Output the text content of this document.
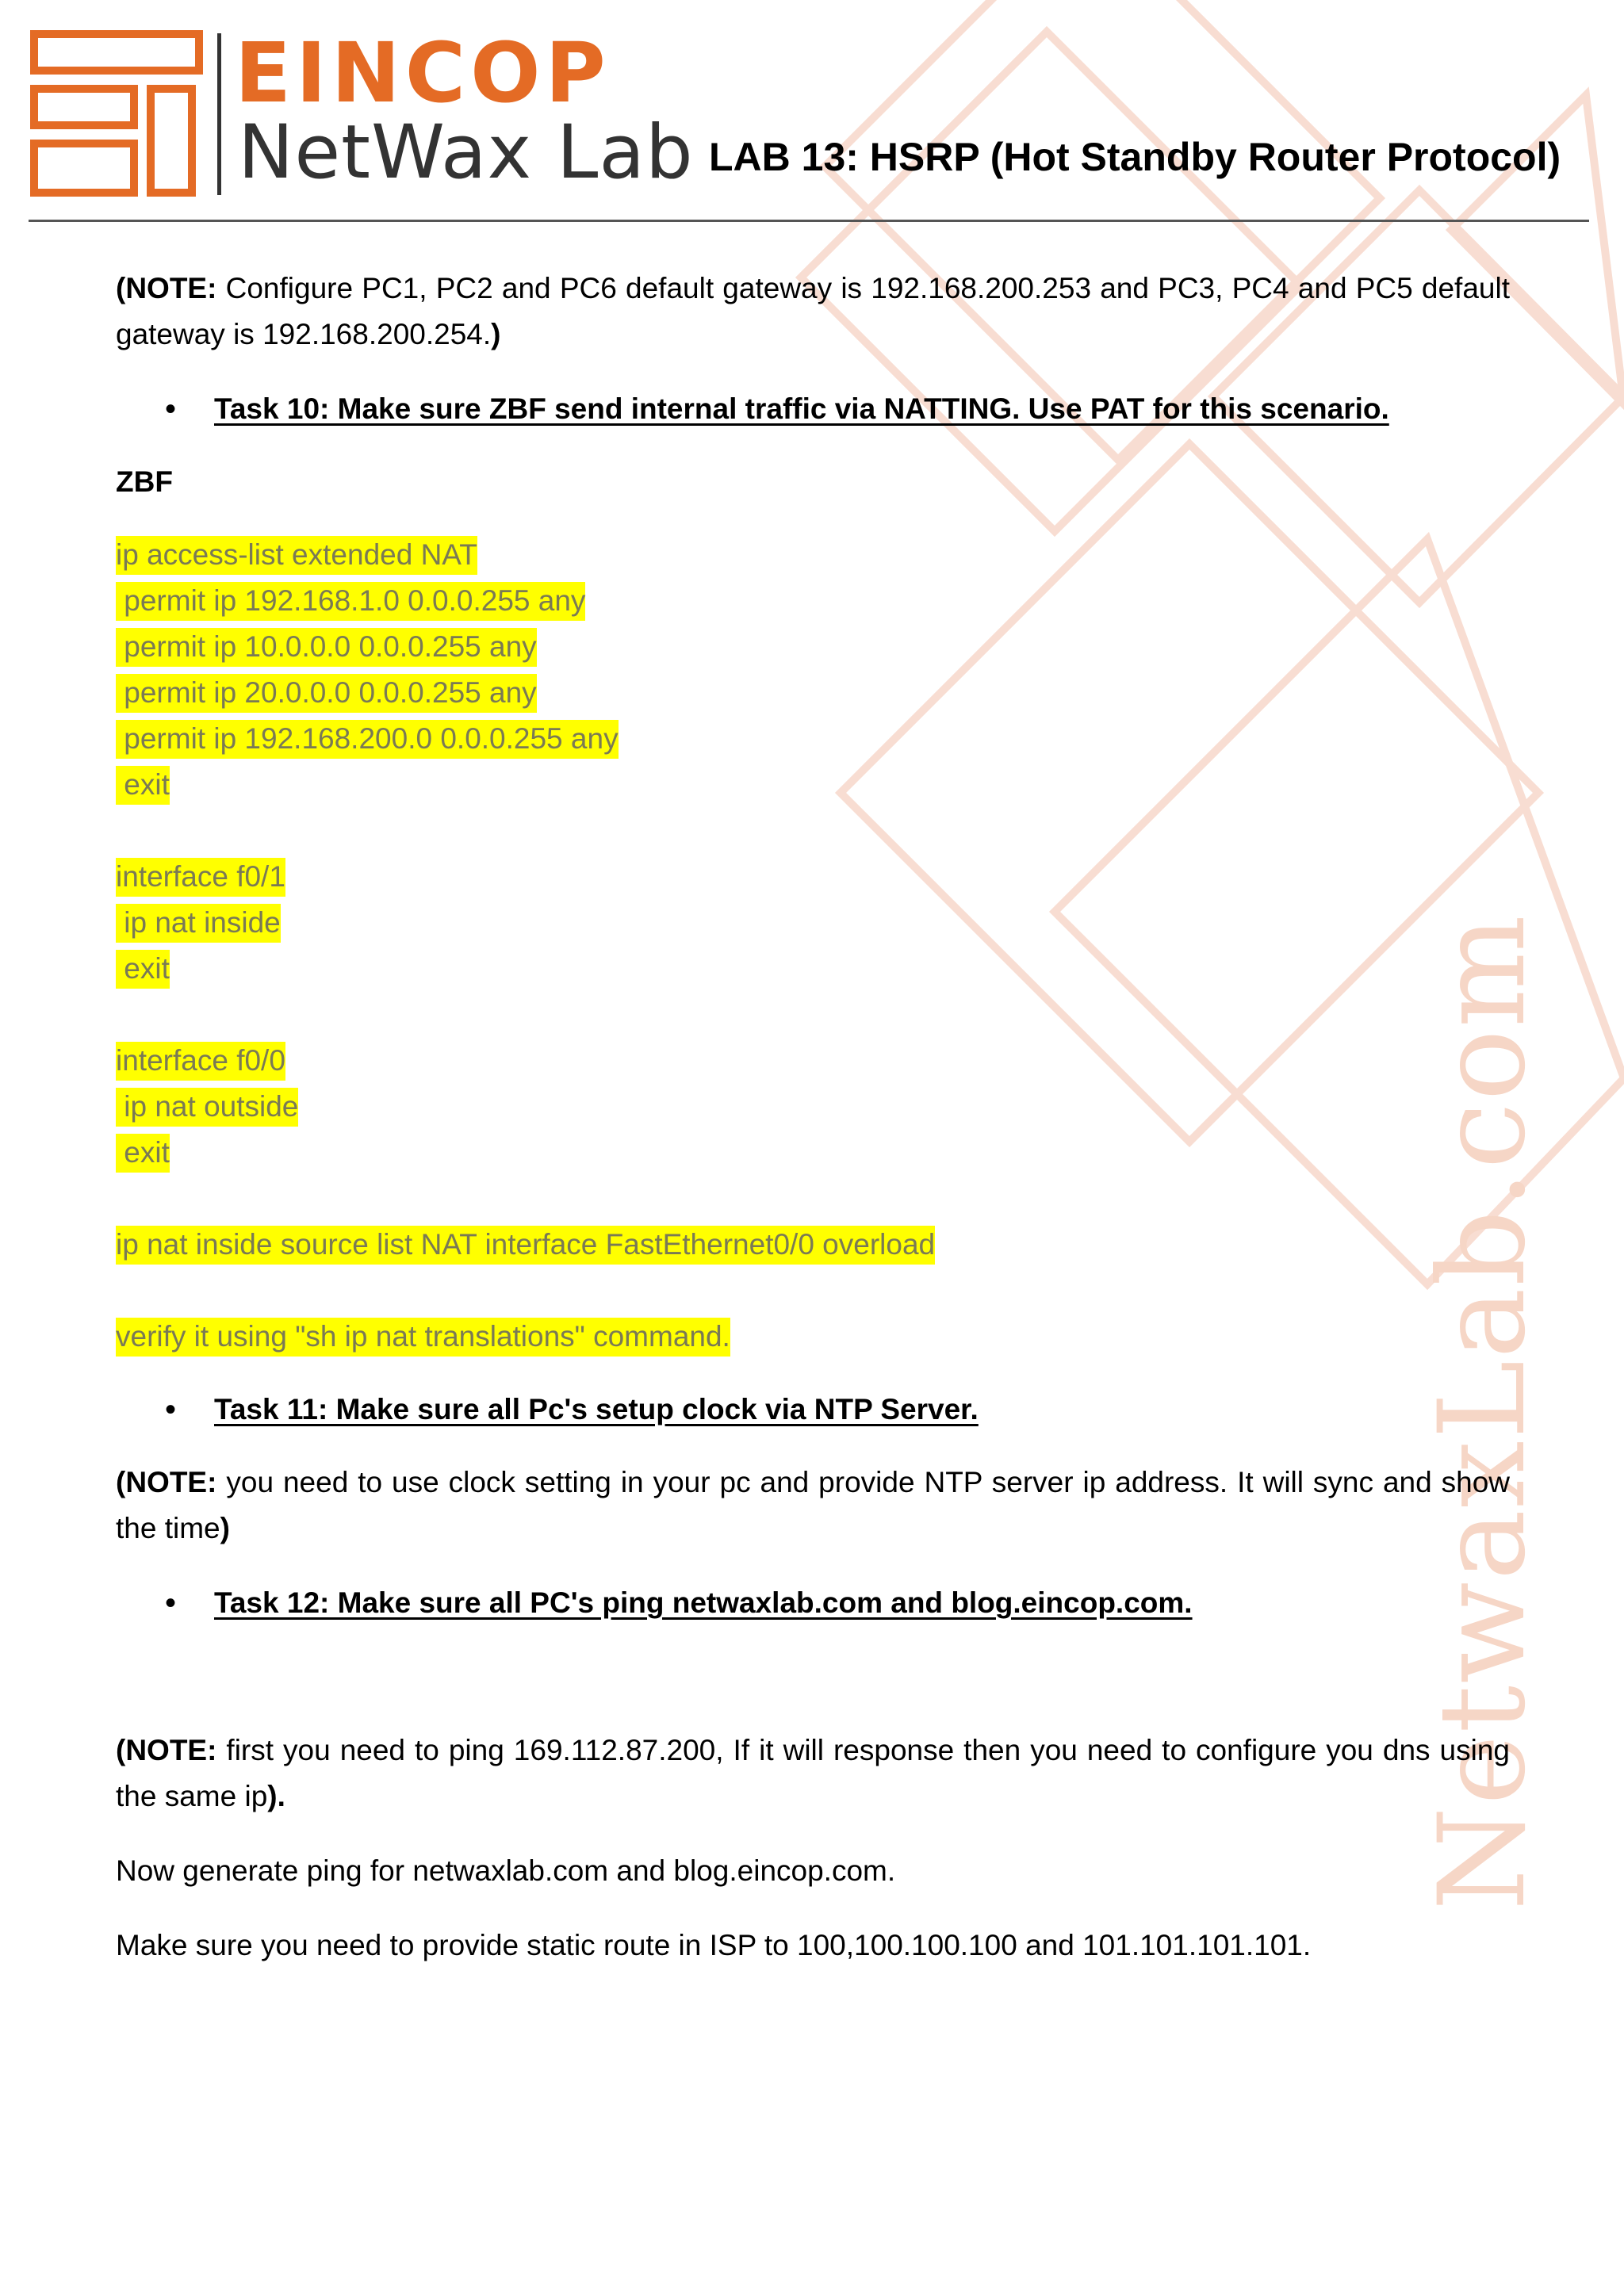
NetwaxLab.com
EINCOP
NetWax Lab LAB 13: HSRP (Hot Standby Router Protocol)

(NOTE: Configure PC1, PC2 and PC6 default gateway is 192.168.200.253 and PC3, PC4 and PC5 default gateway is 192.168.200.254.)

• Task 10: Make sure ZBF send internal traffic via NATTING. Use PAT for this scenario.

ZBF

ip access-list extended NAT
permit ip 192.168.1.0 0.0.0.255 any
permit ip 10.0.0.0 0.0.0.255 any
permit ip 20.0.0.0 0.0.0.255 any
permit ip 192.168.200.0 0.0.0.255 any
exit
interface f0/1
ip nat inside
exit
interface f0/0
ip nat outside
exit
ip nat inside source list NAT interface FastEthernet0/0 overload
verify it using "sh ip nat translations" command.

• Task 11: Make sure all Pc's setup clock via NTP Server.

(NOTE: you need to use clock setting in your pc and provide NTP server ip address. It will sync and show the time)

• Task 12: Make sure all PC's ping netwaxlab.com and blog.eincop.com.

(NOTE: first you need to ping 169.112.87.200, If it will response then you need to configure you dns using the same ip).

Now generate ping for netwaxlab.com and blog.eincop.com.

Make sure you need to provide static route in ISP to 100,100.100.100 and 101.101.101.101.
